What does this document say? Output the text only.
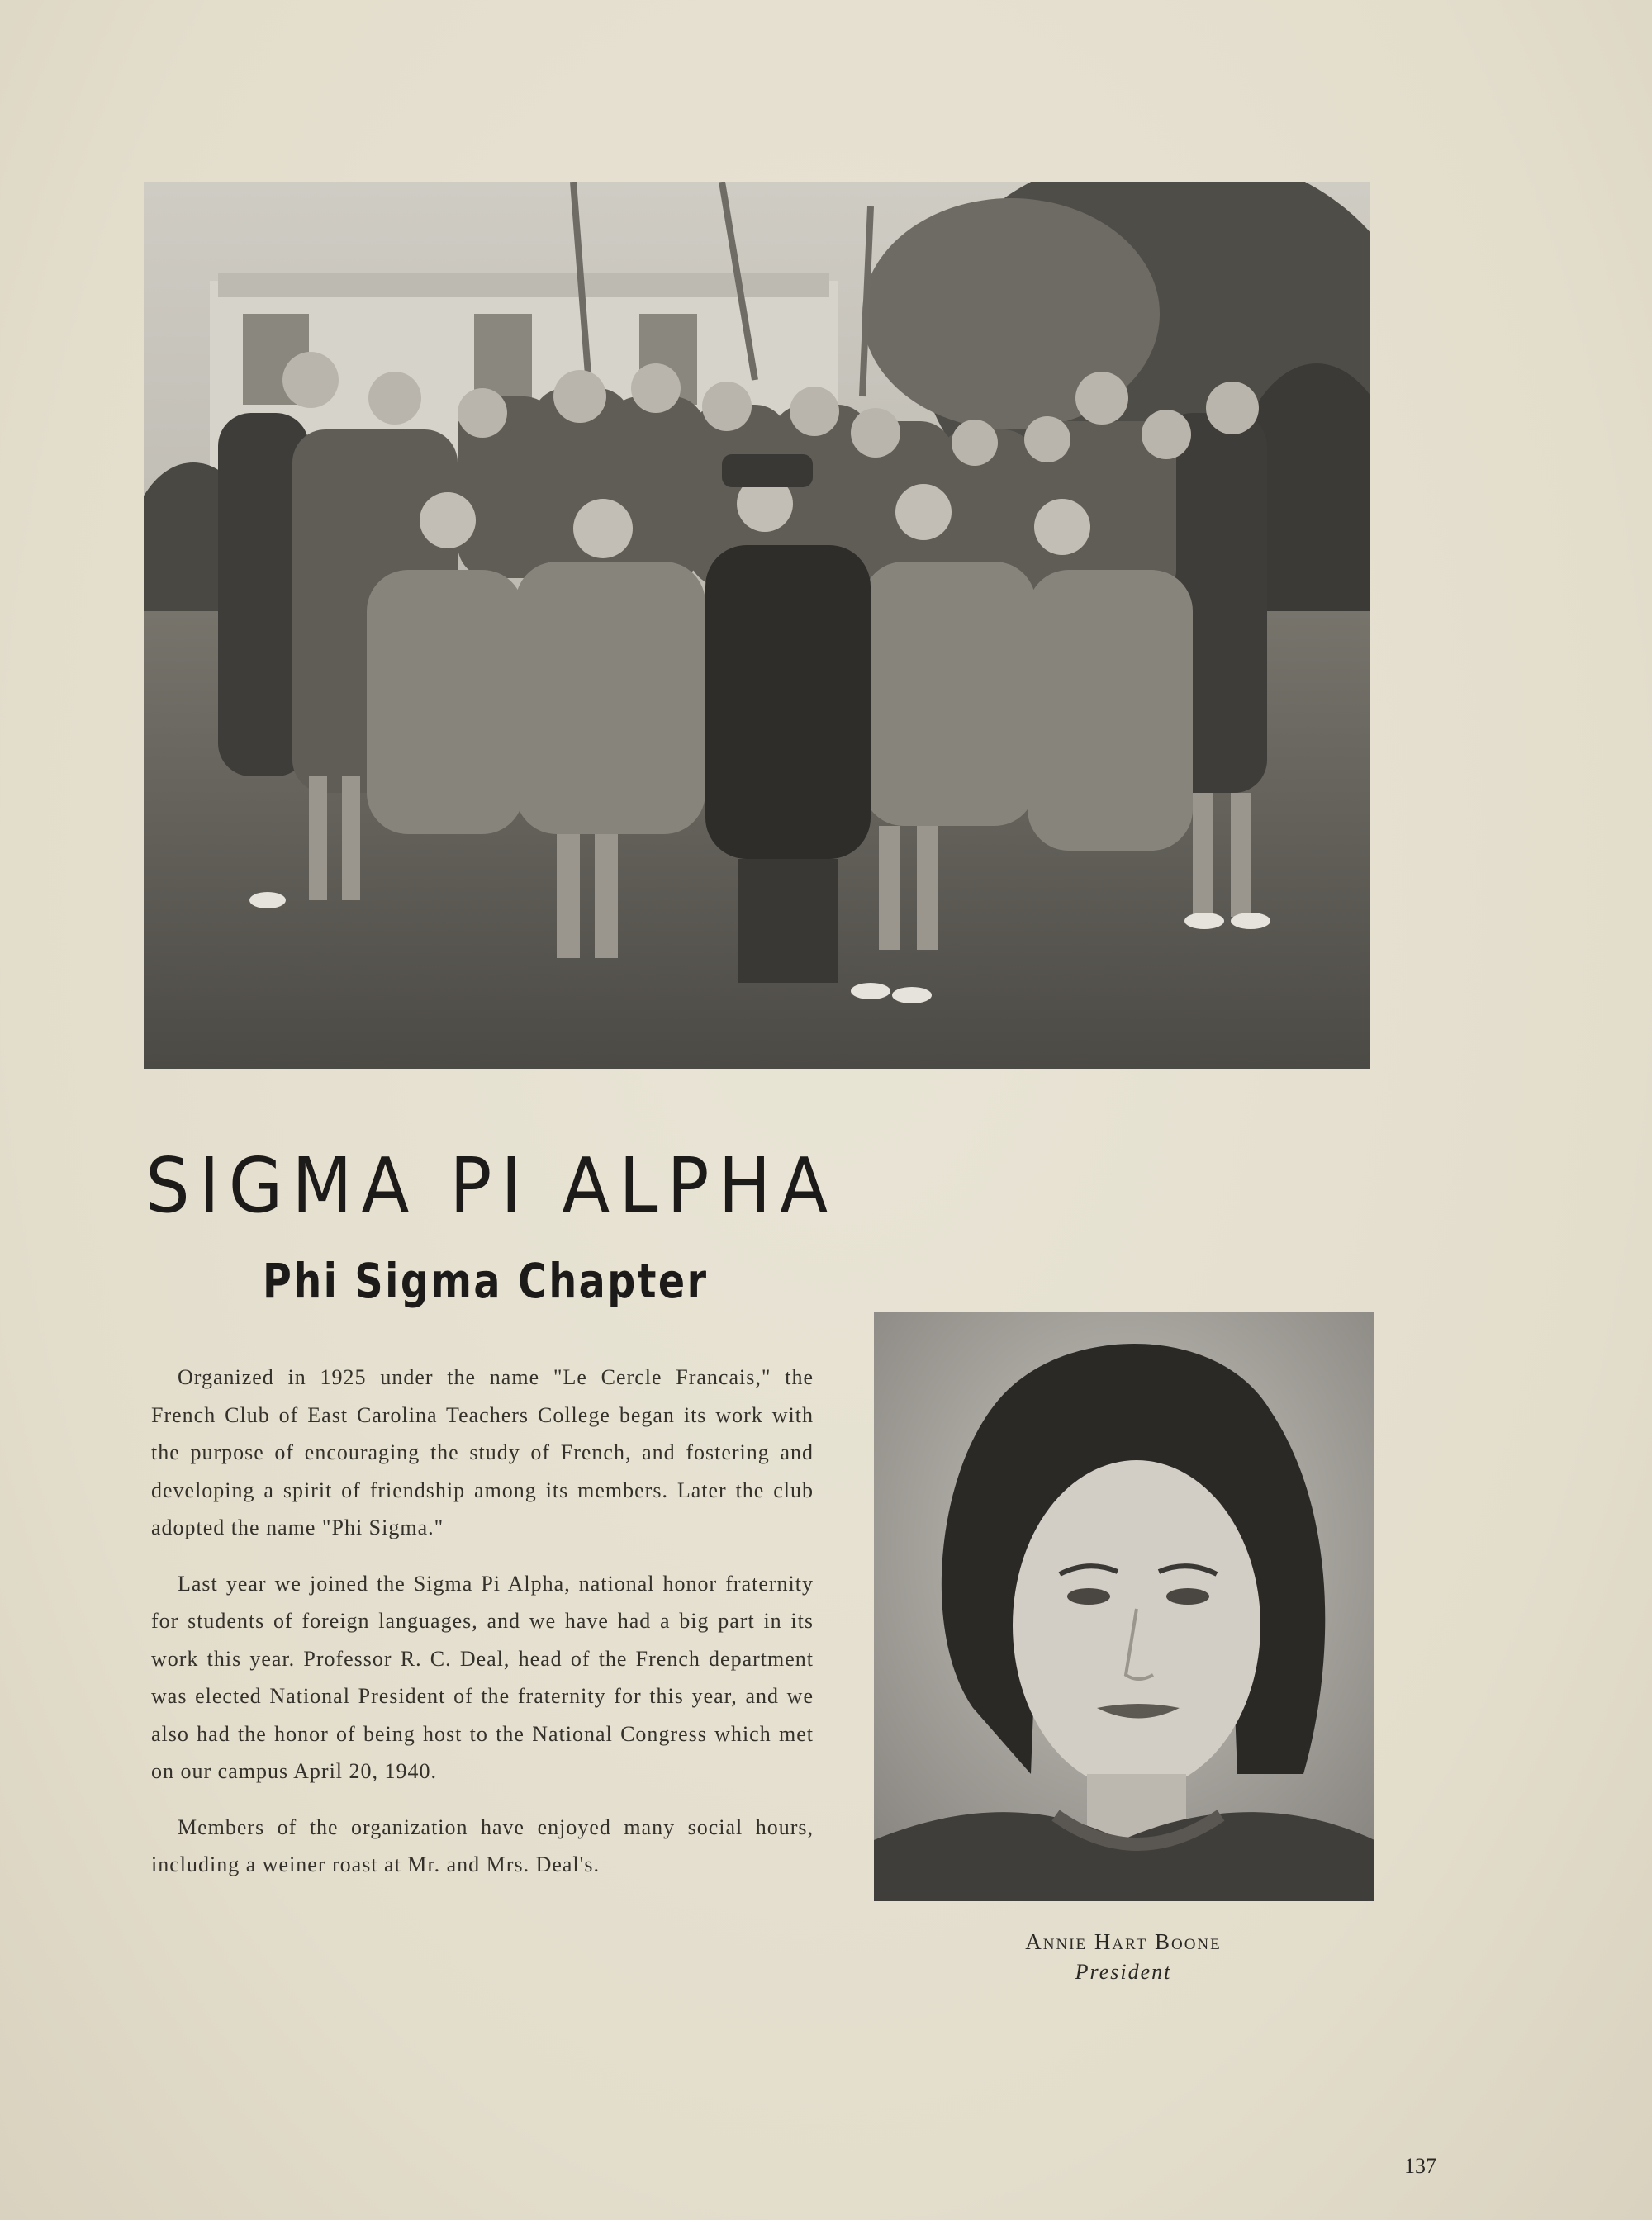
SIGMA PI ALPHA
Phi Sigma Chapter

Organized in 1925 under the name "Le Cercle Francais," the French Club of East Carolina Teachers College began its work with the purpose of encouraging the study of French, and fostering and developing a spirit of friendship among its members. Later the club adopted the name "Phi Sigma."

Last year we joined the Sigma Pi Alpha, national honor fraternity for students of foreign languages, and we have had a big part in its work this year. Professor R. C. Deal, head of the French department was elected National President of the fraternity for this year, and we also had the honor of being host to the National Congress which met on our campus April 20, 1940.

Members of the organization have enjoyed many social hours, including a weiner roast at Mr. and Mrs. Deal's.

Annie Hart Boone
President
137
